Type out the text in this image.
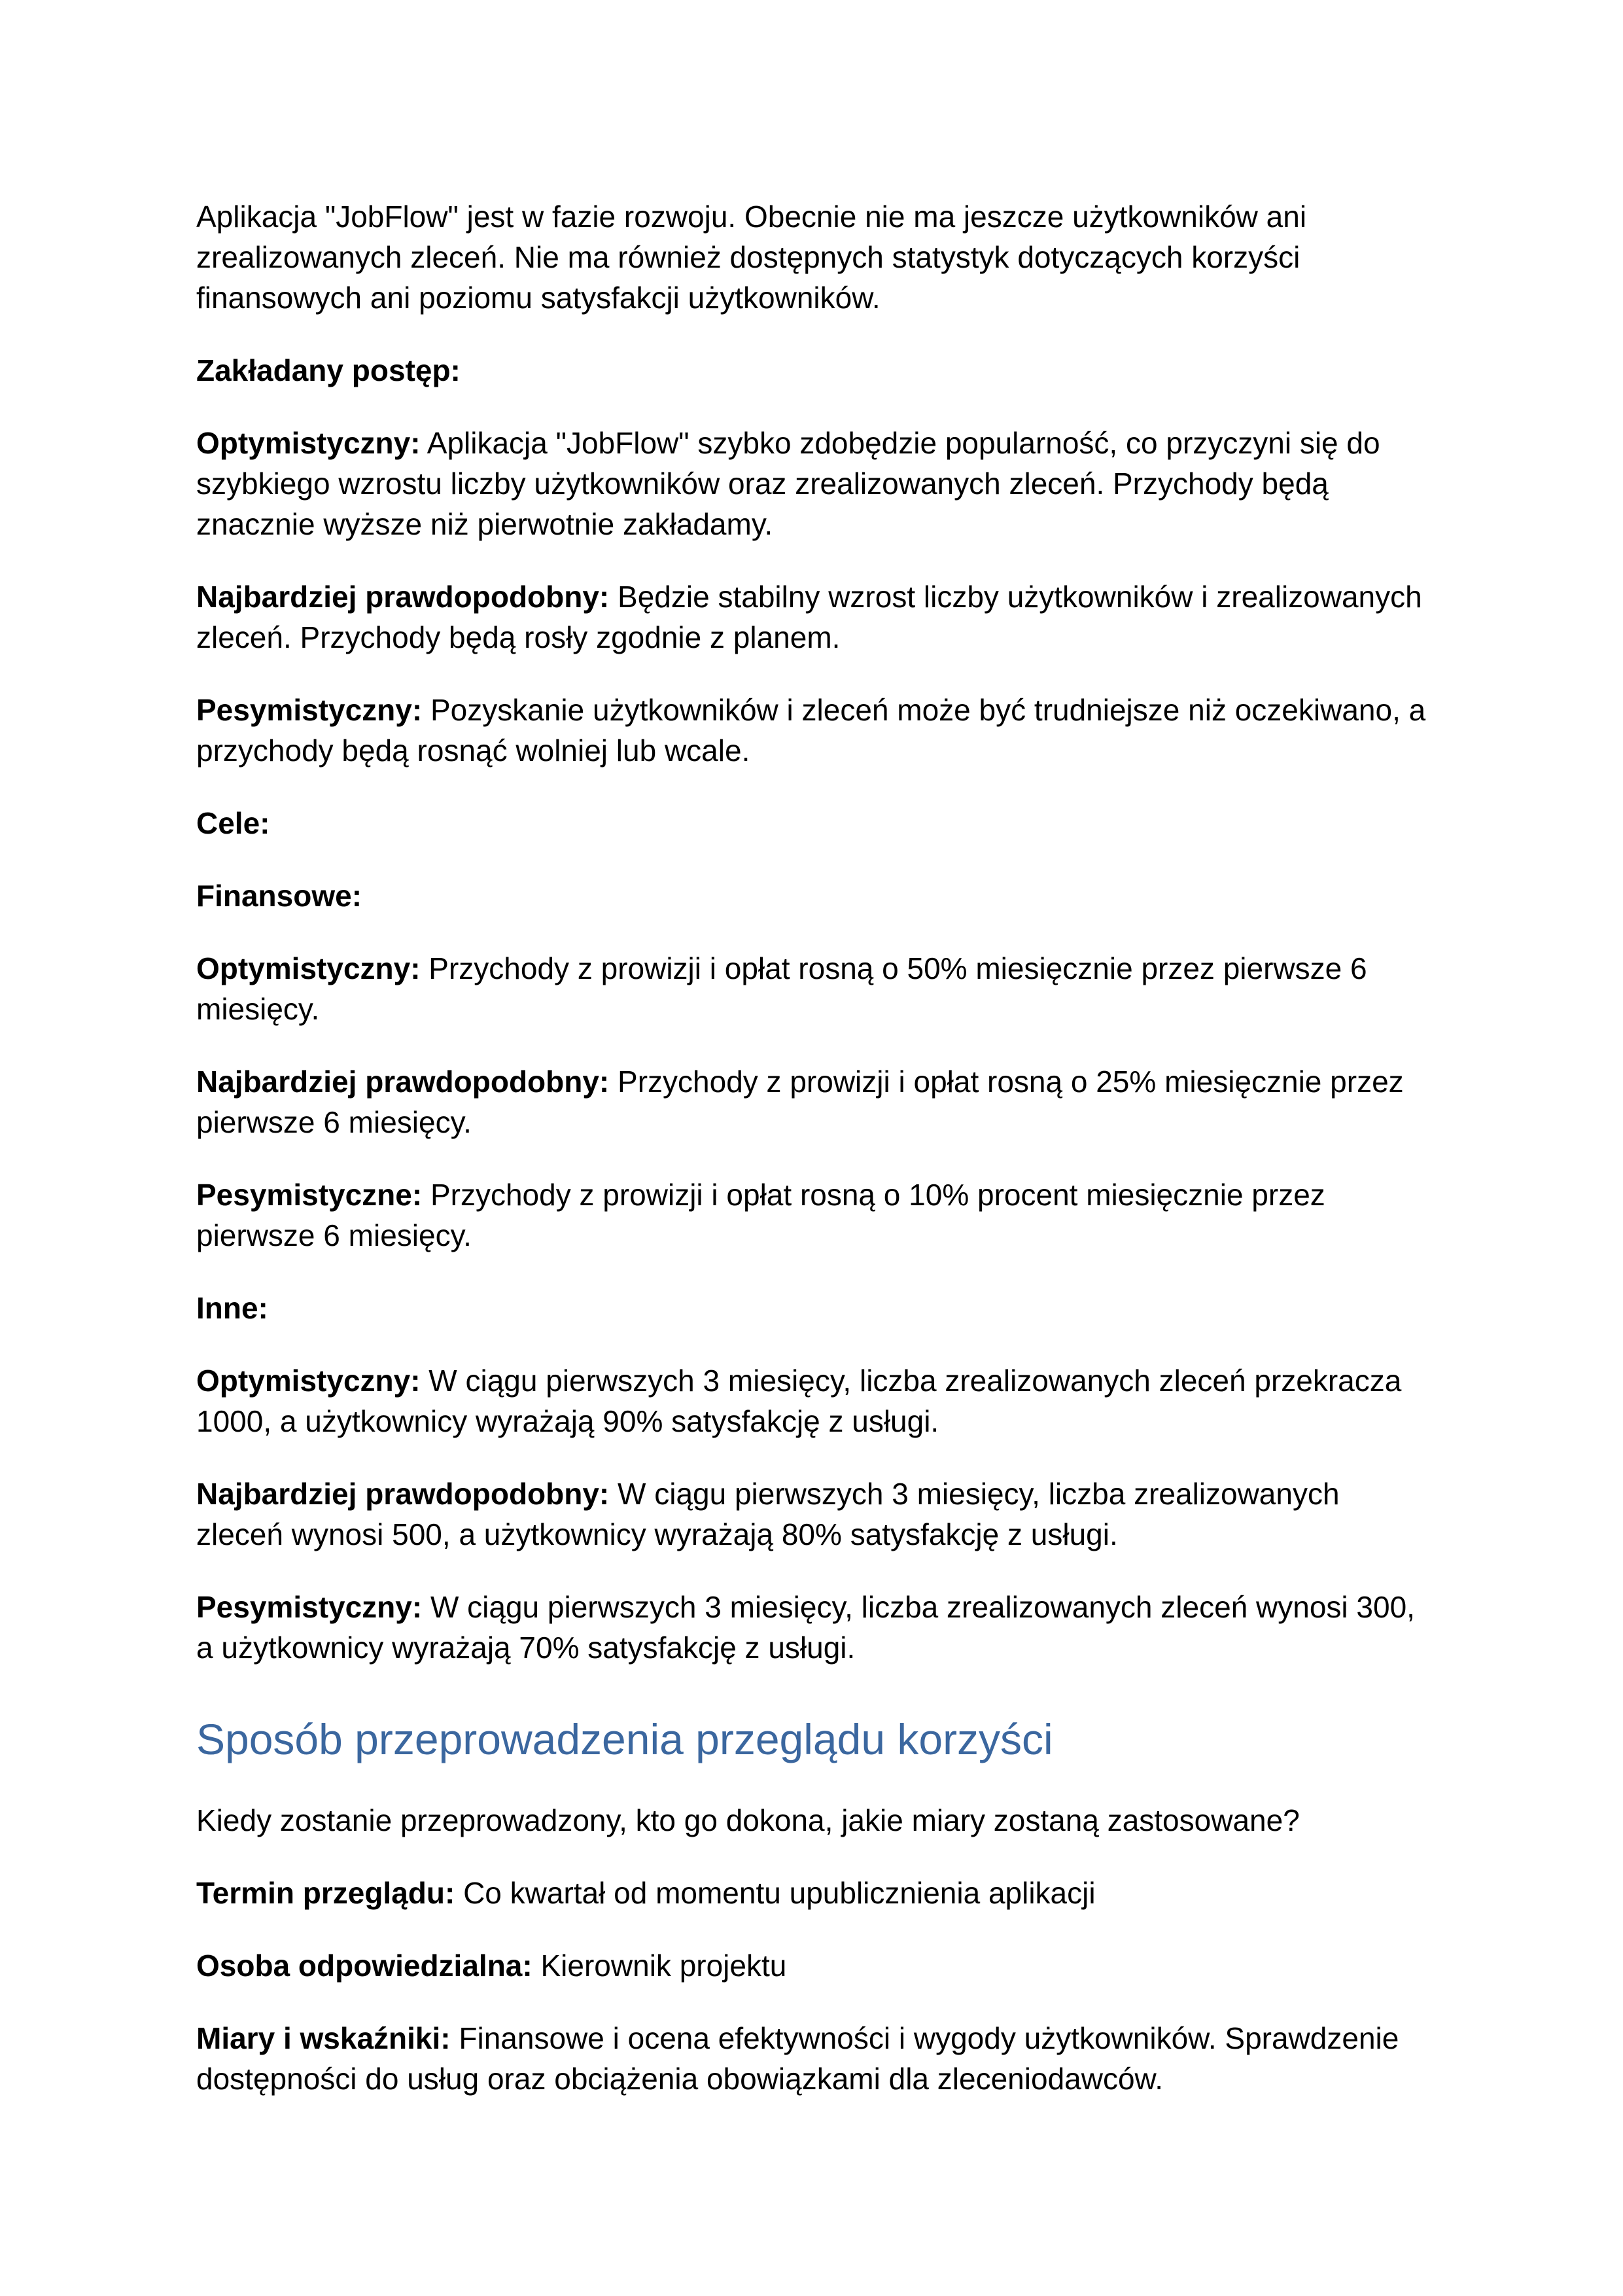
Aplikacja "JobFlow" jest w fazie rozwoju. Obecnie nie ma jeszcze użytkowników ani zrealizowanych zleceń. Nie ma również dostępnych statystyk dotyczących korzyści finansowych ani poziomu satysfakcji użytkowników.

Zakładany postęp:

Optymistyczny: Aplikacja "JobFlow" szybko zdobędzie popularność, co przyczyni się do szybkiego wzrostu liczby użytkowników oraz zrealizowanych zleceń. Przychody będą znacznie wyższe niż pierwotnie zakładamy.

Najbardziej prawdopodobny: Będzie stabilny wzrost liczby użytkowników i zrealizowanych zleceń. Przychody będą rosły zgodnie z planem.

Pesymistyczny: Pozyskanie użytkowników i zleceń może być trudniejsze niż oczekiwano, a przychody będą rosnąć wolniej lub wcale.

Cele:

Finansowe:

Optymistyczny: Przychody z prowizji i opłat rosną o 50% miesięcznie przez pierwsze 6 miesięcy.

Najbardziej prawdopodobny: Przychody z prowizji i opłat rosną o 25% miesięcznie przez pierwsze 6 miesięcy.

Pesymistyczne: Przychody z prowizji i opłat rosną o 10% procent miesięcznie przez pierwsze 6 miesięcy.

Inne:

Optymistyczny: W ciągu pierwszych 3 miesięcy, liczba zrealizowanych zleceń przekracza 1000, a użytkownicy wyrażają 90% satysfakcję z usługi.

Najbardziej prawdopodobny: W ciągu pierwszych 3 miesięcy, liczba zrealizowanych zleceń wynosi 500, a użytkownicy wyrażają 80% satysfakcję z usługi.

Pesymistyczny: W ciągu pierwszych 3 miesięcy, liczba zrealizowanych zleceń wynosi 300, a użytkownicy wyrażają 70% satysfakcję z usługi.

Sposób przeprowadzenia przeglądu korzyści

Kiedy zostanie przeprowadzony, kto go dokona, jakie miary zostaną zastosowane?

Termin przeglądu: Co kwartał od momentu upublicznienia aplikacji

Osoba odpowiedzialna: Kierownik projektu

Miary i wskaźniki: Finansowe i ocena efektywności i wygody użytkowników. Sprawdzenie dostępności do usług oraz obciążenia obowiązkami dla zleceniodawców.
